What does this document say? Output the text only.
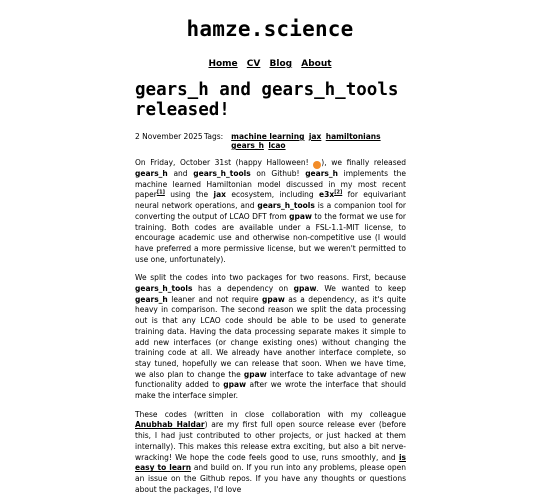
hamze.science
Home CV Blog About
gears_h and gears_h_tools released!
2 November 2025 Tags: machine learning jax hamiltonians gears_h lcao

On Friday, October 31st (happy Halloween! ), we finally released gears_h and gears_h_tools on Github! gears_h implements the machine learned Hamiltonian model discussed in my most recent paper[1] using the jax ecosystem, including e3x[2] for equivariant neural network operations, and gears_h_tools is a companion tool for converting the output of LCAO DFT from gpaw to the format we use for training. Both codes are available under a FSL-1.1-MIT license, to encourage academic use and otherwise non-competitive use (I would have preferred a more permissive license, but we weren't permitted to use one, unfortunately).

We split the codes into two packages for two reasons. First, because gears_h_tools has a dependency on gpaw. We wanted to keep gears_h leaner and not require gpaw as a dependency, as it's quite heavy in comparison. The second reason we split the data processing out is that any LCAO code should be able to be used to generate training data. Having the data processing separate makes it simple to add new interfaces (or change existing ones) without changing the training code at all. We already have another interface complete, so stay tuned, hopefully we can release that soon. When we have time, we also plan to change the gpaw interface to take advantage of new functionality added to gpaw after we wrote the interface that should make the interface simpler.

These codes (written in close collaboration with my colleague Anubhab Haldar) are my first full open source release ever (before this, I had just contributed to other projects, or just hacked at them internally). This makes this release extra exciting, but also a bit nerve-wracking! We hope the code feels good to use, runs smoothly, and is easy to learn and build on. If you run into any problems, please open an issue on the Github repos. If you have any thoughts or questions about the packages, I'd love
